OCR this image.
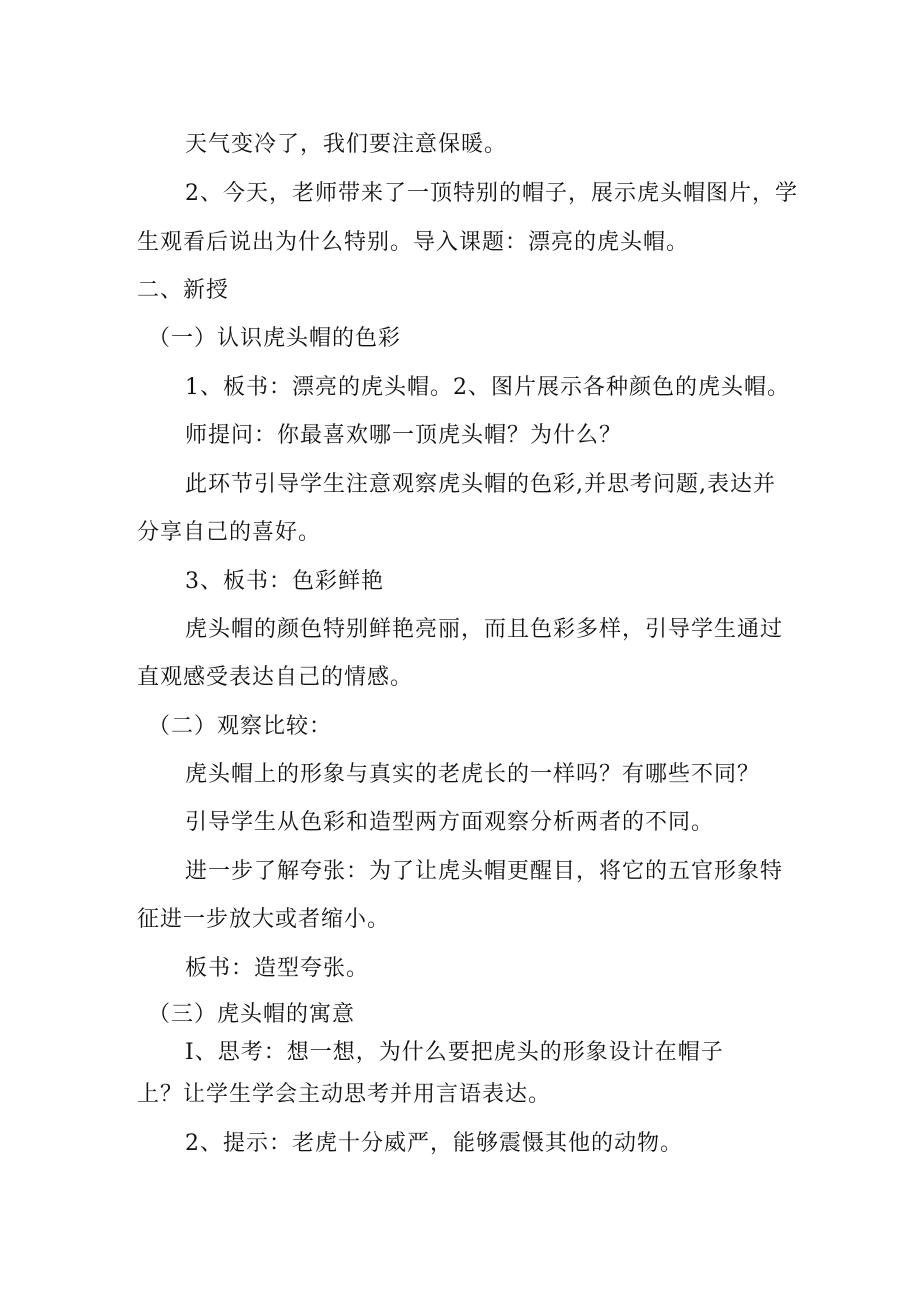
天气变冷了，我们要注意保暖。
2、今天，老师带来了一顶特别的帽子，展示虎头帽图片，学
生观看后说出为什么特别。导入课题：漂亮的虎头帽。
二、新授
（一）认识虎头帽的色彩
1、板书：漂亮的虎头帽。2、图片展示各种颜色的虎头帽。
师提问：你最喜欢哪一顶虎头帽？为什么？
此环节引导学生注意观察虎头帽的色彩,并思考问题,表达并
分享自己的喜好。
3、板书：色彩鲜艳
虎头帽的颜色特别鲜艳亮丽，而且色彩多样，引导学生通过
直观感受表达自己的情感。
（二）观察比较：
虎头帽上的形象与真实的老虎长的一样吗？有哪些不同？
引导学生从色彩和造型两方面观察分析两者的不同。
进一步了解夸张：为了让虎头帽更醒目，将它的五官形象特
征进一步放大或者缩小。
板书：造型夸张。
（三）虎头帽的寓意
I、思考：想一想，为什么要把虎头的形象设计在帽子
上？让学生学会主动思考并用言语表达。
2、提示：老虎十分威严，能够震慑其他的动物。
